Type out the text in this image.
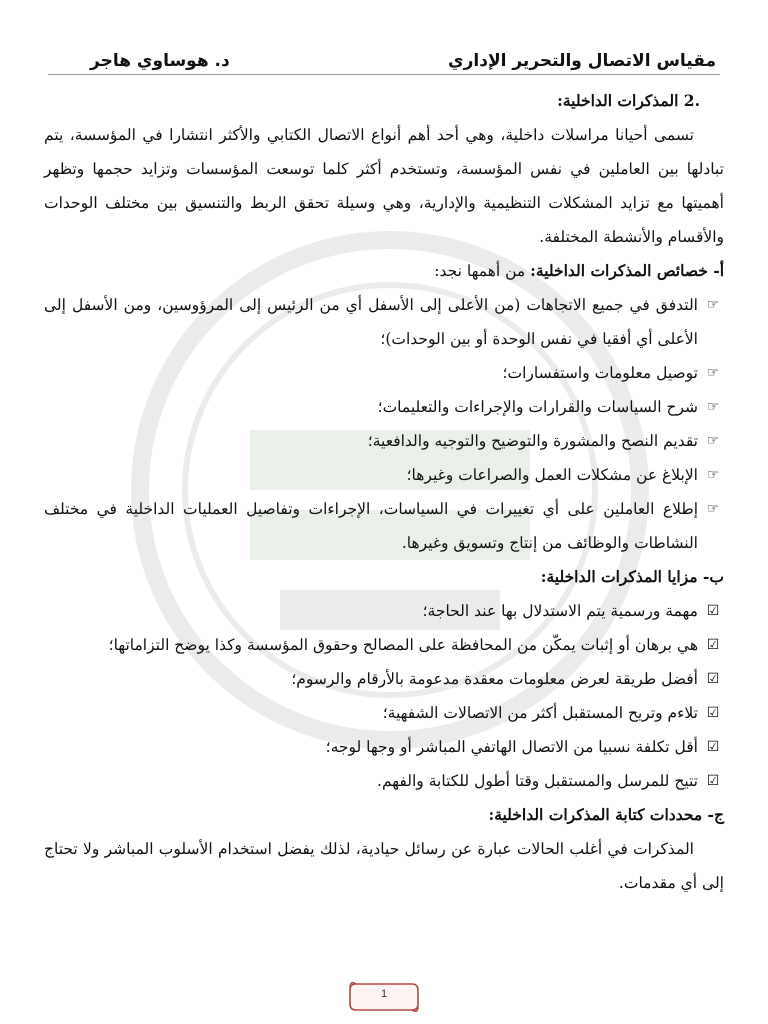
مقياس الاتصال والتحرير الإداري
د. هوساوي هاجر

.2 المذكرات الداخلية:

تسمى أحيانا مراسلات داخلية، وهي أحد أهم أنواع الاتصال الكتابي والأكثر انتشارا في المؤسسة، يتم تبادلها بين العاملين في نفس المؤسسة، وتستخدم أكثر كلما توسعت المؤسسات وتزايد حجمها وتظهر أهميتها مع تزايد المشكلات التنظيمية والإدارية، وهي وسيلة تحقق الربط والتنسيق بين مختلف الوحدات والأقسام والأنشطة المختلفة.

أ- خصائص المذكرات الداخلية: من أهمها نجد:

☞
التدفق في جميع الاتجاهات (من الأعلى إلى الأسفل أي من الرئيس إلى المرؤوسين، ومن الأسفل إلى الأعلى أي أفقيا في نفس الوحدة أو بين الوحدات)؛
☞
توصيل معلومات واستفسارات؛
☞
شرح السياسات والقرارات والإجراءات والتعليمات؛
☞
تقديم النصح والمشورة والتوضيح والتوجيه والدافعية؛
☞
الإبلاغ عن مشكلات العمل والصراعات وغيرها؛
☞
إطلاع العاملين على أي تغييرات في السياسات، الإجراءات وتفاصيل العمليات الداخلية في مختلف النشاطات والوظائف من إنتاج وتسويق وغيرها.

ب- مزايا المذكرات الداخلية:

☑
مهمة ورسمية يتم الاستدلال بها عند الحاجة؛
☑
هي برهان أو إثبات يمكّن من المحافظة على المصالح وحقوق المؤسسة وكذا يوضح التزاماتها؛
☑
أفضل طريقة لعرض معلومات معقدة مدعومة بالأرقام والرسوم؛
☑
تلاءم وتريح المستقبل أكثر من الاتصالات الشفهية؛
☑
أقل تكلفة نسبيا من الاتصال الهاتفي المباشر أو وجها لوجه؛
☑
تتيح للمرسل والمستقبل وقتا أطول للكتابة والفهم.

ج- محددات كتابة المذكرات الداخلية:

المذكرات في أغلب الحالات عبارة عن رسائل حيادية، لذلك يفضل استخدام الأسلوب المباشر ولا تحتاج إلى أي مقدمات.

1
